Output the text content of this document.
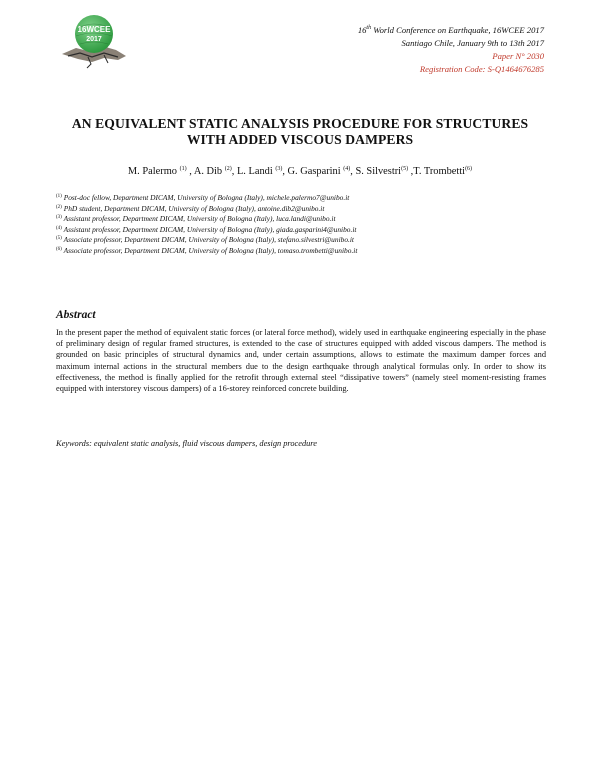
16WCEE
2017
16th World Conference on Earthquake, 16WCEE 2017
Santiago Chile, January 9th to 13th 2017
Paper N° 2030
Registration Code: S-Q1464676285
AN EQUIVALENT STATIC ANALYSIS PROCEDURE FOR STRUCTURES
WITH ADDED VISCOUS DAMPERS
M. Palermo $^{(1)}$ , A. Dib $^{(2)}$, L. Landi $^{(3)}$, G. Gasparini $^{(4)}$, S. Silvestri$^{(5)}$ ,T. Trombetti$^{(6)}$
$^{(1)}$ Post-doc fellow, Department DICAM, University of Bologna (Italy), michele.palermo7@unibo.it
$^{(2)}$ PhD student, Department DICAM, University of Bologna (Italy), antoine.dib2@unibo.it
$^{(3)}$ Assistant professor, Department DICAM, University of Bologna (Italy), luca.landi@unibo.it
$^{(4)}$ Assistant professor, Department DICAM, University of Bologna (Italy), giada.gasparini4@unibo.it
$^{(5)}$ Associate professor, Department DICAM, University of Bologna (Italy), stefano.silvestri@unibo.it
$^{(6)}$ Associate professor, Department DICAM, University of Bologna (Italy), tomaso.trombetti@unibo.it
Abstract
In the present paper the method of equivalent static forces (or lateral force method), widely used in earthquake engineering especially in the phase of preliminary design of regular framed structures, is extended to the case of structures equipped with added viscous dampers. The method is grounded on basic principles of structural dynamics and, under certain assumptions, allows to estimate the maximum damper forces and maximum internal actions in the structural members due to the design earthquake through analytical formulas only. In order to show its effectiveness, the method is finally applied for the retrofit through external steel “dissipative towers” (namely steel moment-resisting frames equipped with interstorey viscous dampers) of a 16-storey reinforced concrete building.
Keywords: equivalent static analysis, fluid viscous dampers, design procedure
